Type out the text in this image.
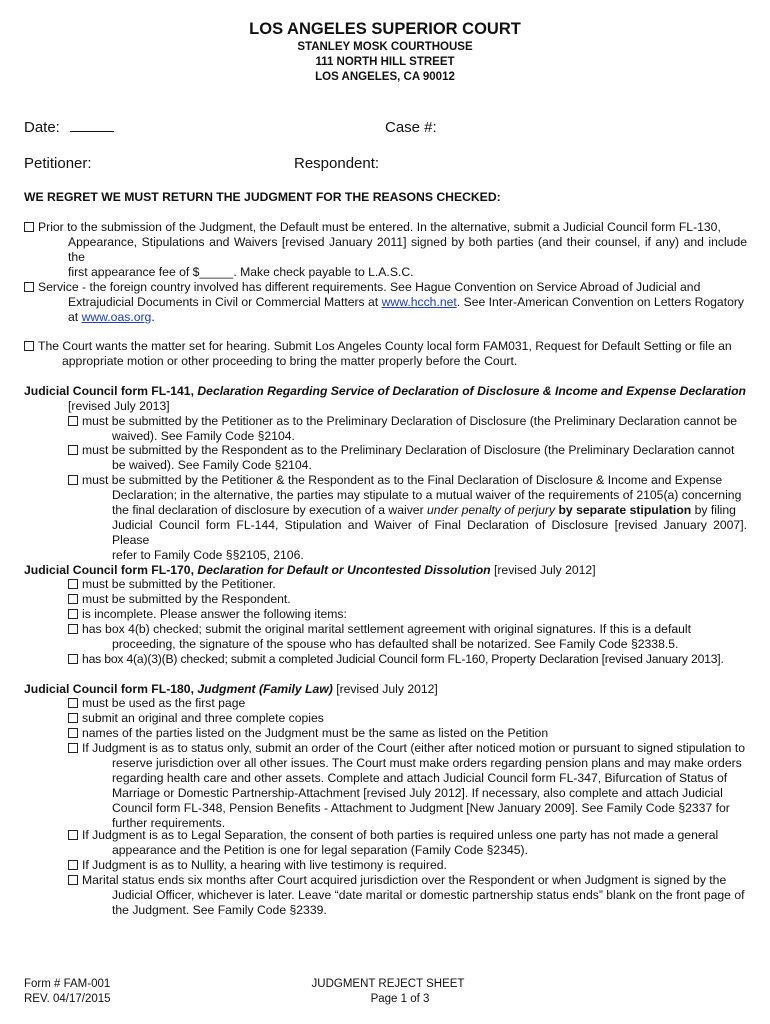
LOS ANGELES SUPERIOR COURT
STANLEY MOSK COURTHOUSE
111 NORTH HILL STREET
LOS ANGELES, CA 90012
Date:	Case #:
Petitioner:	Respondent:
WE REGRET WE MUST RETURN THE JUDGMENT FOR THE REASONS CHECKED:
Prior to the submission of the Judgment, the Default must be entered. In the alternative, submit a Judicial Council form FL-130,
Appearance, Stipulations and Waivers [revised January 2011] signed by both parties (and their counsel, if any) and include the
first appearance fee of $_____. Make check payable to L.A.S.C.
Service - the foreign country involved has different requirements. See Hague Convention on Service Abroad of Judicial and
Extrajudicial Documents in Civil or Commercial Matters at www.hcch.net. See Inter-American Convention on Letters Rogatory
at www.oas.org.
The Court wants the matter set for hearing. Submit Los Angeles County local form FAM031, Request for Default Setting or file an
appropriate motion or other proceeding to bring the matter properly before the Court.
Judicial Council form FL-141, Declaration Regarding Service of Declaration of Disclosure & Income and Expense Declaration
[revised July 2013]
must be submitted by the Petitioner as to the Preliminary Declaration of Disclosure (the Preliminary Declaration cannot be
waived). See Family Code §2104.
must be submitted by the Respondent as to the Preliminary Declaration of Disclosure (the Preliminary Declaration cannot
be waived). See Family Code §2104.
must be submitted by the Petitioner & the Respondent as to the Final Declaration of Disclosure & Income and Expense
Declaration; in the alternative, the parties may stipulate to a mutual waiver of the requirements of 2105(a) concerning
the final declaration of disclosure by execution of a waiver under penalty of perjury by separate stipulation by filing
Judicial Council form FL-144, Stipulation and Waiver of Final Declaration of Disclosure [revised January 2007]. Please
refer to Family Code §§2105, 2106.
Judicial Council form FL-170, Declaration for Default or Uncontested Dissolution [revised July 2012]
must be submitted by the Petitioner.
must be submitted by the Respondent.
is incomplete. Please answer the following items:
has box 4(b) checked; submit the original marital settlement agreement with original signatures. If this is a default
proceeding, the signature of the spouse who has defaulted shall be notarized. See Family Code §2338.5.
has box 4(a)(3)(B) checked; submit a completed Judicial Council form FL-160, Property Declaration [revised January 2013].
Judicial Council form FL-180, Judgment (Family Law) [revised July 2012]
must be used as the first page
submit an original and three complete copies
names of the parties listed on the Judgment must be the same as listed on the Petition
If Judgment is as to status only, submit an order of the Court (either after noticed motion or pursuant to signed stipulation to
reserve jurisdiction over all other issues. The Court must make orders regarding pension plans and may make orders
regarding health care and other assets. Complete and attach Judicial Council form FL-347, Bifurcation of Status of
Marriage or Domestic Partnership-Attachment [revised July 2012]. If necessary, also complete and attach Judicial
Council form FL-348, Pension Benefits - Attachment to Judgment [New January 2009]. See Family Code §2337 for
further requirements.
If Judgment is as to Legal Separation, the consent of both parties is required unless one party has not made a general
appearance and the Petition is one for legal separation (Family Code §2345).
If Judgment is as to Nullity, a hearing with live testimony is required.
Marital status ends six months after Court acquired jurisdiction over the Respondent or when Judgment is signed by the
Judicial Officer, whichever is later. Leave “date marital or domestic partnership status ends” blank on the front page of
the Judgment. See Family Code §2339.
Form # FAM-001
REV. 04/17/2015
JUDGMENT REJECT SHEET
Page 1 of 3
